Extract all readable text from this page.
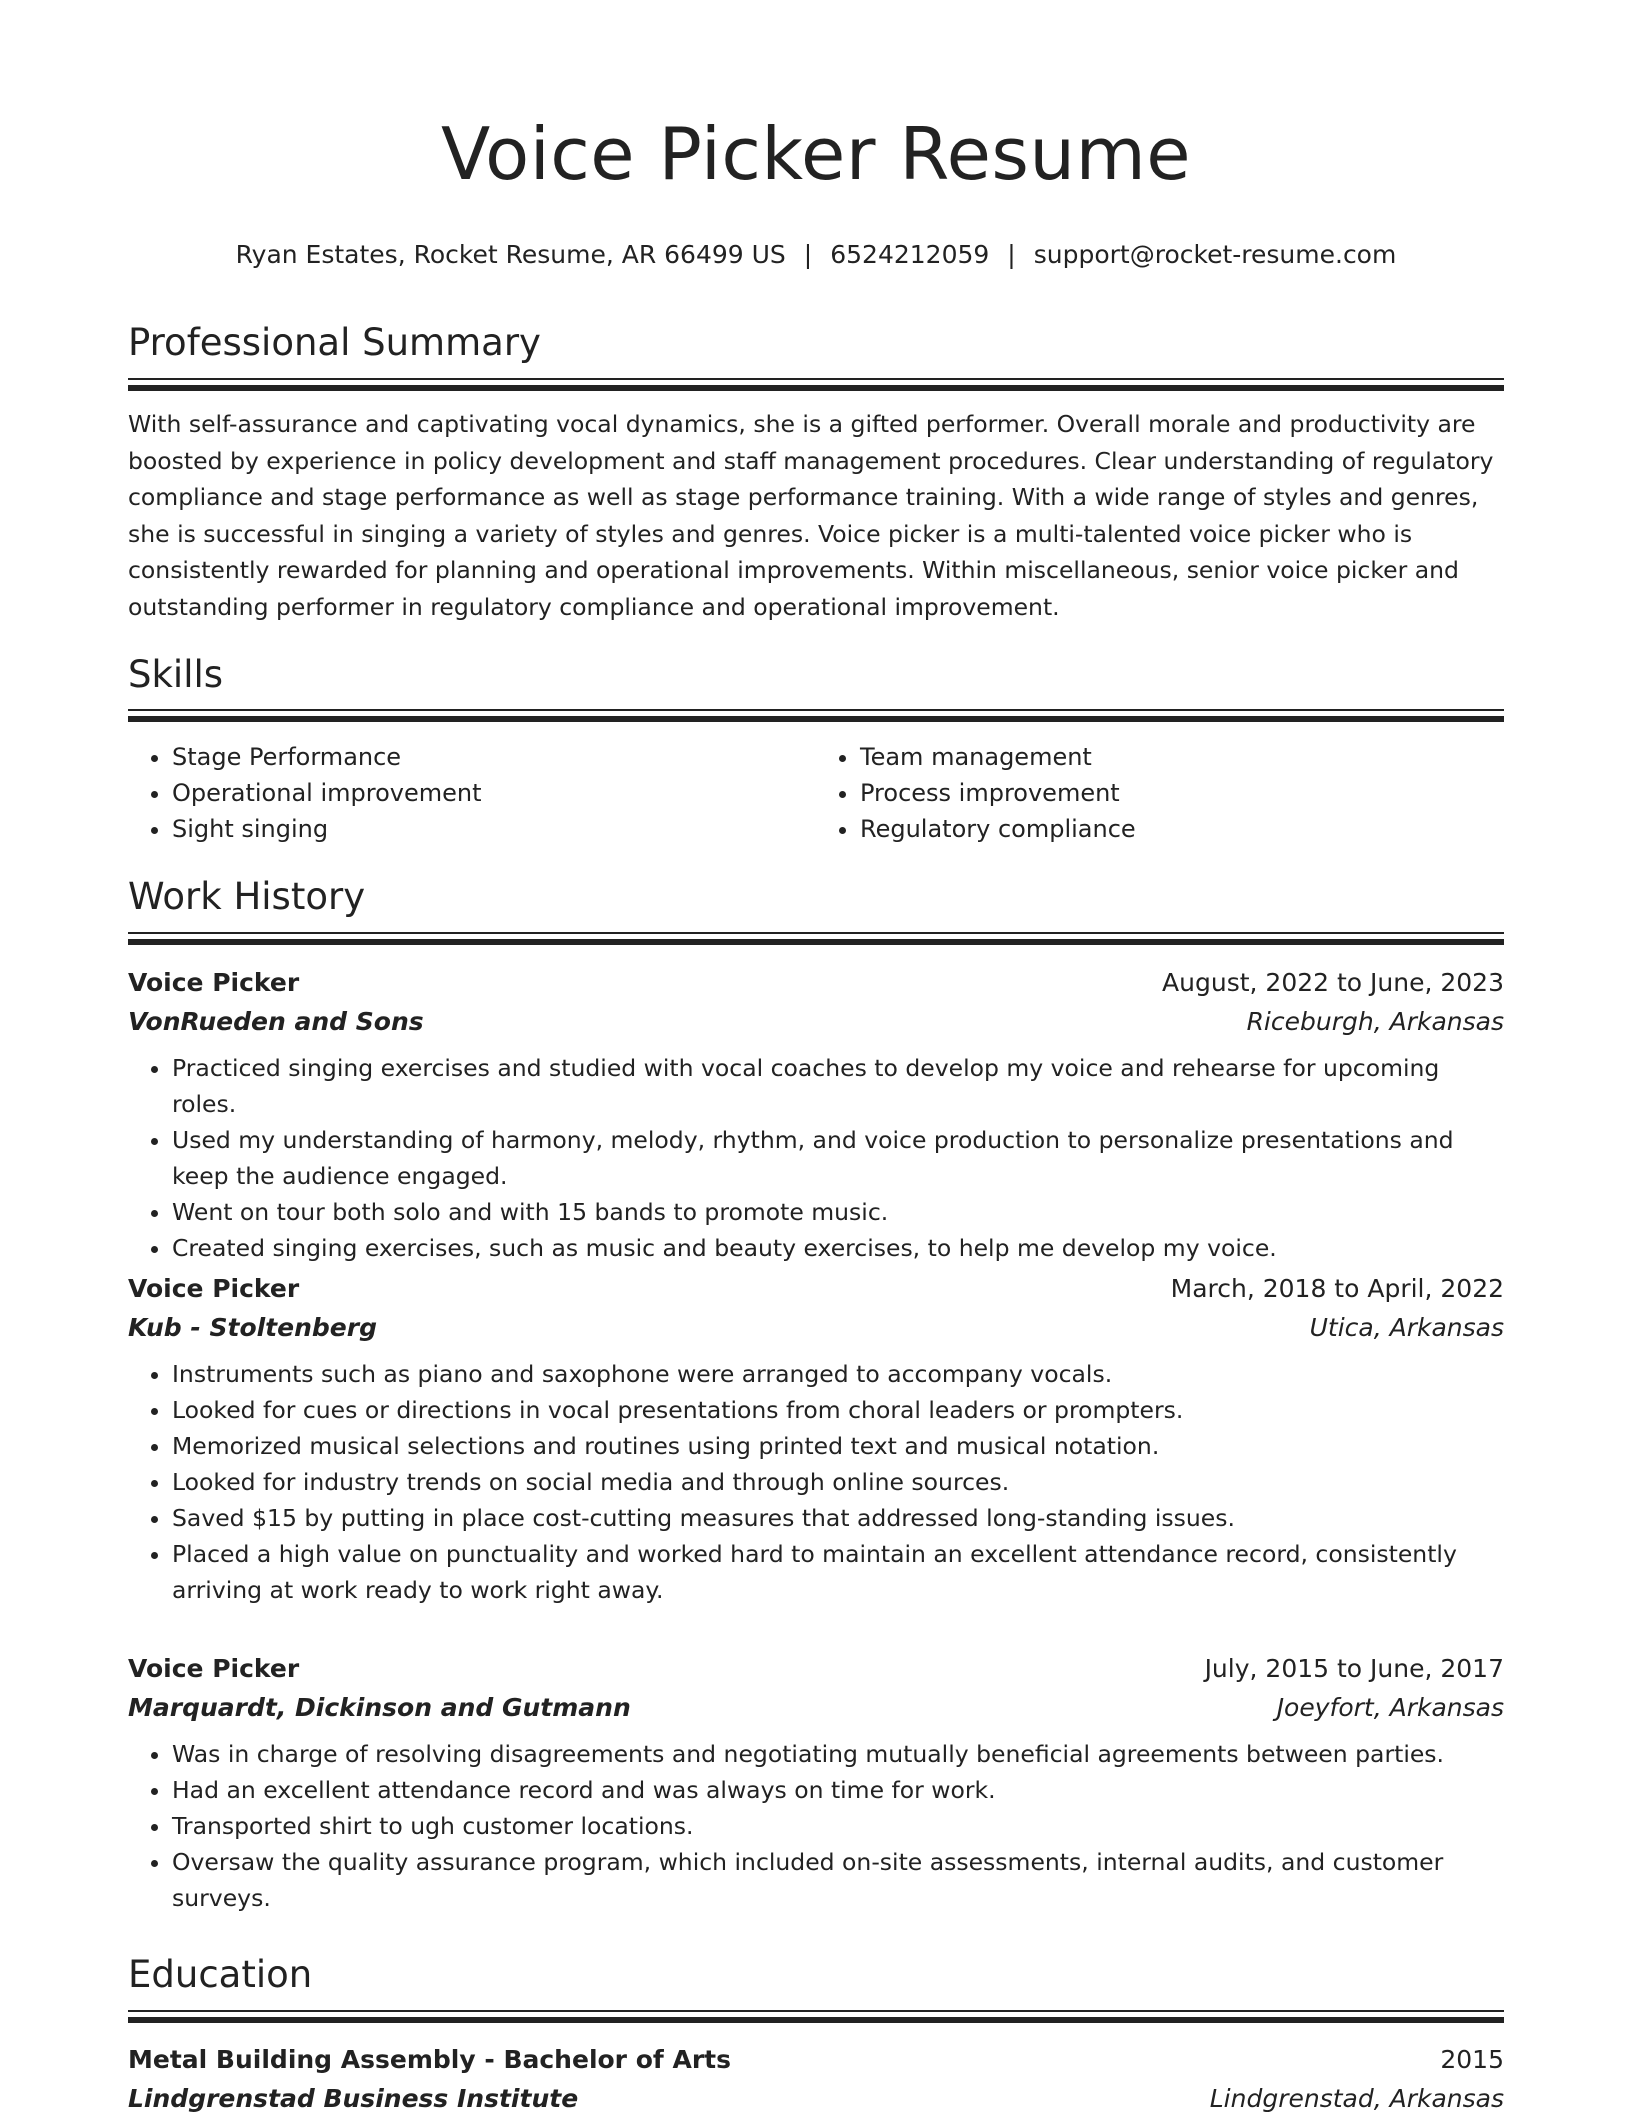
Voice Picker Resume
Ryan Estates, Rocket Resume, AR 66499 US | 6524212059 | support@rocket-resume.com
Professional Summary

With self-assurance and captivating vocal dynamics, she is a gifted performer. Overall morale and productivity are boosted by experience in policy development and staff management procedures. Clear understanding of regulatory compliance and stage performance as well as stage performance training. With a wide range of styles and genres, she is successful in singing a variety of styles and genres. Voice picker is a multi-talented voice picker who is consistently rewarded for planning and operational improvements. Within miscellaneous, senior voice picker and outstanding performer in regulatory compliance and operational improvement.

Skills
• Stage Performance
• Operational improvement
• Sight singing
• Team management
• Process improvement
• Regulatory compliance
Work History
Voice Picker	August, 2022 to June, 2023
VonRueden and Sons	Riceburgh, Arkansas
• Practiced singing exercises and studied with vocal coaches to develop my voice and rehearse for upcoming roles.
• Used my understanding of harmony, melody, rhythm, and voice production to personalize presentations and keep the audience engaged.
• Went on tour both solo and with 15 bands to promote music.
• Created singing exercises, such as music and beauty exercises, to help me develop my voice.
Voice Picker	March, 2018 to April, 2022
Kub - Stoltenberg	Utica, Arkansas
• Instruments such as piano and saxophone were arranged to accompany vocals.
• Looked for cues or directions in vocal presentations from choral leaders or prompters.
• Memorized musical selections and routines using printed text and musical notation.
• Looked for industry trends on social media and through online sources.
• Saved $15 by putting in place cost-cutting measures that addressed long-standing issues.
• Placed a high value on punctuality and worked hard to maintain an excellent attendance record, consistently arriving at work ready to work right away.
Voice Picker	July, 2015 to June, 2017
Marquardt, Dickinson and Gutmann	Joeyfort, Arkansas
• Was in charge of resolving disagreements and negotiating mutually beneficial agreements between parties.
• Had an excellent attendance record and was always on time for work.
• Transported shirt to ugh customer locations.
• Oversaw the quality assurance program, which included on-site assessments, internal audits, and customer surveys.
Education
Metal Building Assembly - Bachelor of Arts	2015
Lindgrenstad Business Institute	Lindgrenstad, Arkansas
